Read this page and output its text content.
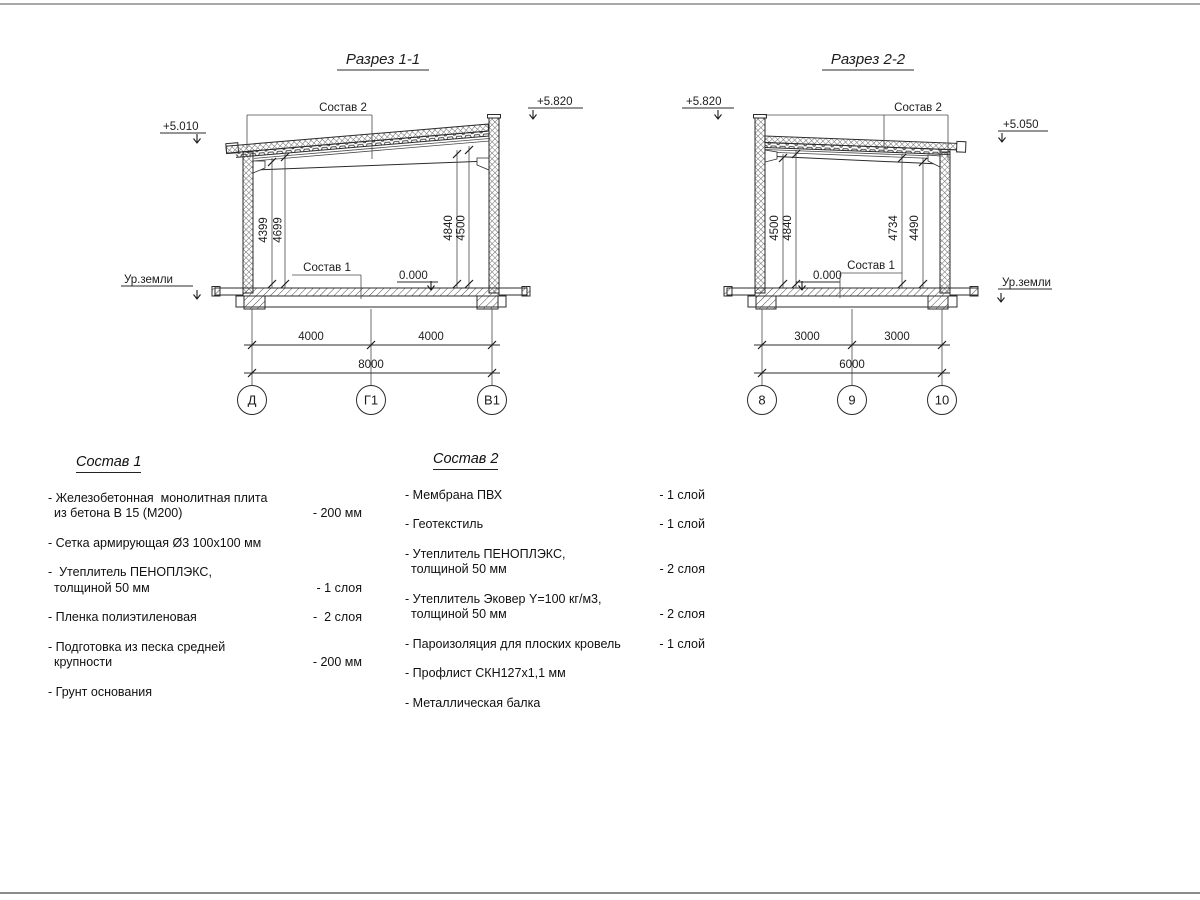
Разрез 1-1
4399 4699	4840 4500
+5.010
+5.820
Ур.земли	0.000
Состав 2
Состав 1
4000	4000
8000
Д	Г1	В1
Разрез 2-2
4500 4840	4734 4490
+5.820
+5.050
Ур.земли
0.000
Состав 2
Состав 1
3000	3000
6000
8	9	10
Состав 1
- Железобетонная  монолитная плита
из бетона В 15 (М200)	- 200 мм
- Сетка армирующая Ø3 100x100 мм
-  Утеплитель ПЕНОПЛЭКС,
толщиной 50 мм	- 1 слоя
- Пленка полиэтиленовая	-  2 слоя
- Подготовка из песка средней
крупности	- 200 мм
- Грунт основания
Состав 2
- Мембрана ПВХ	- 1 слой
- Геотекстиль	- 1 слой
- Утеплитель ПЕНОПЛЭКС,
толщиной 50 мм	- 2 слоя
- Утеплитель Эковер Y=100 кг/м3,
толщиной 50 мм	- 2 слоя
- Пароизоляция для плоских кровель	- 1 слой
- Профлист СКН127х1,1 мм
- Металлическая балка
